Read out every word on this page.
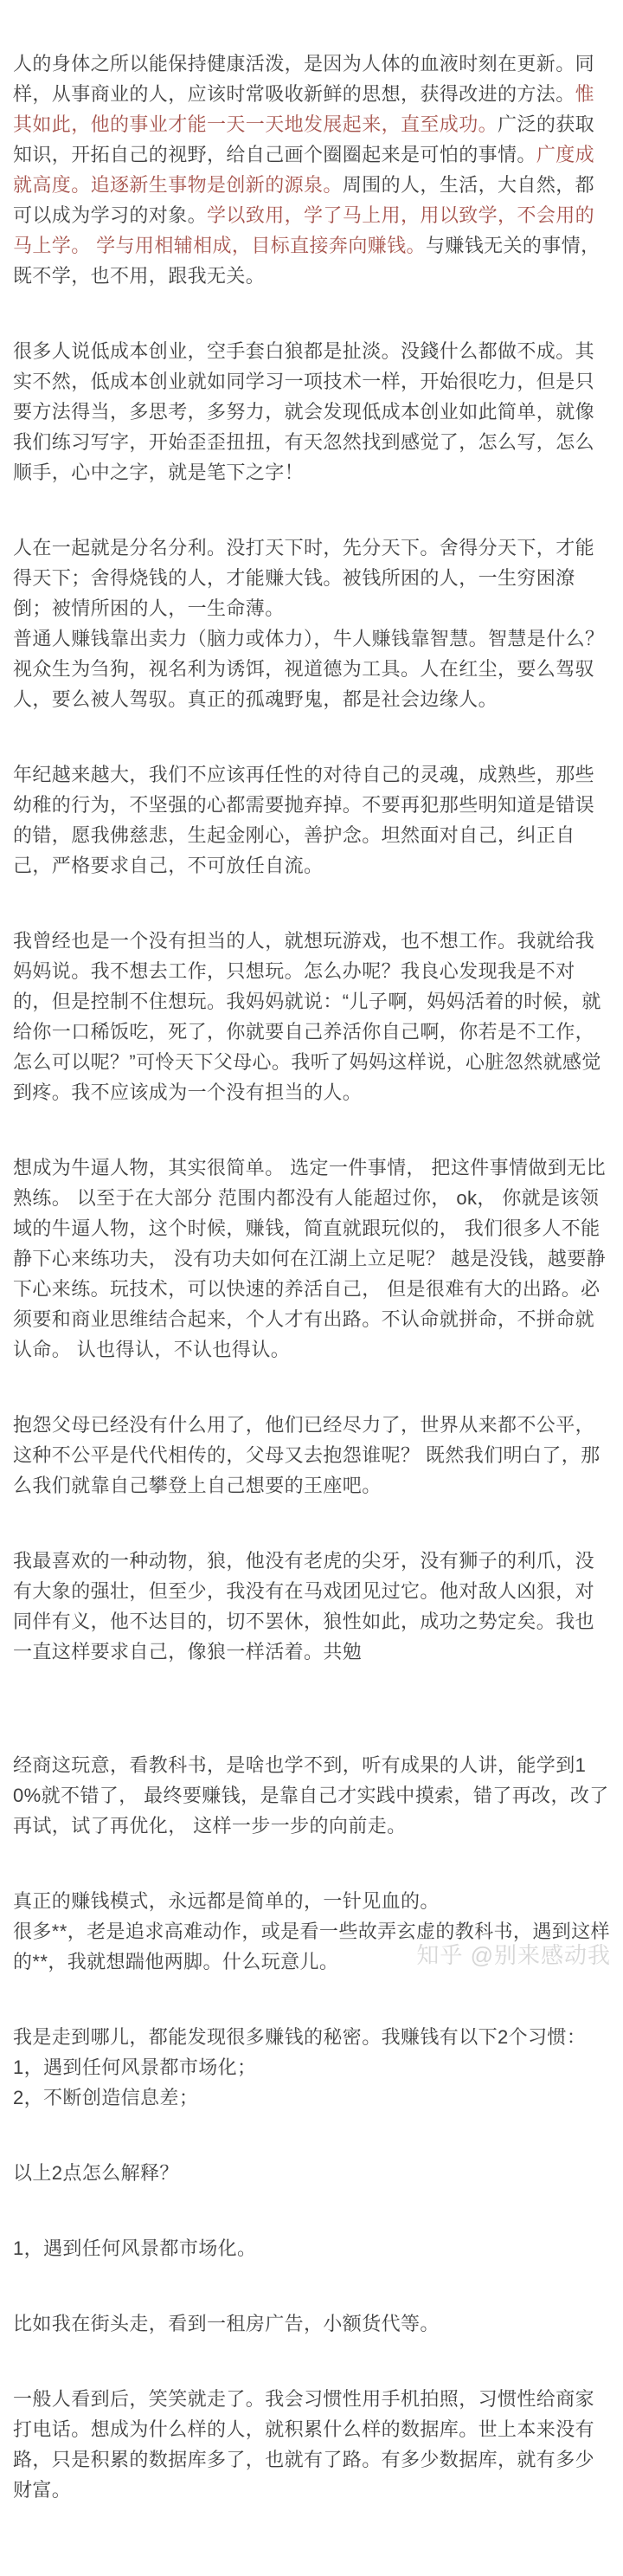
人的身体之所以能保持健康活泼，是因为人体的血液时刻在更新。同样，从事商业的人，应该时常吸收新鲜的思想，获得改进的方法。惟其如此，他的事业才能一天一天地发展起来，直至成功。广泛的获取知识，开拓自己的视野，给自己画个圈圈起来是可怕的事情。广度成就高度。追逐新生事物是创新的源泉。周围的人，生活，大自然，都可以成为学习的对象。学以致用，学了马上用，用以致学，不会用的马上学。 学与用相辅相成，目标直接奔向赚钱。与赚钱无关的事情， 既不学，也不用，跟我无关。

很多人说低成本创业，空手套白狼都是扯淡。没錢什么都做不成。其实不然，低成本创业就如同学习一项技术一样，开始很吃力，但是只要方法得当，多思考，多努力，就会发现低成本创业如此简单，就像我们练习写字，开始歪歪扭扭，有天忽然找到感觉了，怎么写，怎么顺手，心中之字，就是笔下之字！

人在一起就是分名分利。没打天下时，先分天下。舍得分天下，才能得天下；舍得烧钱的人，才能赚大钱。被钱所困的人，一生穷困潦倒；被情所困的人，一生命薄。
普通人赚钱靠出卖力（脑力或体力），牛人赚钱靠智慧。智慧是什么？视众生为刍狗，视名利为诱饵，视道德为工具。人在红尘，要么驾驭人，要么被人驾驭。真正的孤魂野鬼，都是社会边缘人。

年纪越来越大，我们不应该再任性的对待自己的灵魂，成熟些，那些幼稚的行为，不坚强的心都需要抛弃掉。不要再犯那些明知道是错误的错，愿我佛慈悲，生起金刚心，善护念。坦然面对自己，纠正自己，严格要求自己，不可放任自流。

我曾经也是一个没有担当的人，就想玩游戏，也不想工作。我就给我妈妈说。我不想去工作，只想玩。怎么办呢？我良心发现我是不对的，但是控制不住想玩。我妈妈就说：“儿子啊，妈妈活着的时候，就给你一口稀饭吃，死了，你就要自己养活你自己啊，你若是不工作，怎么可以呢？”可怜天下父母心。我听了妈妈这样说，心脏忽然就感觉到疼。我不应该成为一个没有担当的人。

想成为牛逼人物，其实很简单。 选定一件事情， 把这件事情做到无比熟练。 以至于在大部分 范围内都没有人能超过你， ok， 你就是该领域的牛逼人物，这个时候，赚钱，简直就跟玩似的， 我们很多人不能静下心来练功夫， 没有功夫如何在江湖上立足呢？ 越是没钱，越要静下心来练。玩技术，可以快速的养活自己， 但是很难有大的出路。必须要和商业思维结合起来，个人才有出路。不认命就拼命，不拼命就认命。 认也得认，不认也得认。

抱怨父母已经没有什么用了，他们已经尽力了，世界从来都不公平，这种不公平是代代相传的，父母又去抱怨谁呢？ 既然我们明白了，那么我们就靠自己攀登上自己想要的王座吧。

我最喜欢的一种动物，狼，他没有老虎的尖牙，没有狮子的利爪，没有大象的强壮，但至少，我没有在马戏团见过它。他对敌人凶狠，对同伴有义，他不达目的，切不罢休，狼性如此，成功之势定矣。我也一直这样要求自己，像狼一样活着。共勉

经商这玩意，看教科书，是啥也学不到，听有成果的人讲，能学到10%就不错了， 最终要赚钱，是靠自己才实践中摸索，错了再改，改了再试，试了再优化， 这样一步一步的向前走。

真正的赚钱模式，永远都是简单的，一针见血的。
很多**，老是追求高难动作，或是看一些故弄玄虚的教科书，遇到这样的**，我就想踹他两脚。什么玩意儿。

我是走到哪儿，都能发现很多赚钱的秘密。我赚钱有以下2个习惯：
1，遇到任何风景都市场化；
2，不断创造信息差；

以上2点怎么解释？

1，遇到任何风景都市场化。

比如我在街头走，看到一租房广告，小额货代等。

一般人看到后，笑笑就走了。我会习惯性用手机拍照，习惯性给商家打电话。想成为什么样的人，就积累什么样的数据库。世上本来没有路，只是积累的数据库多了，也就有了路。有多少数据库，就有多少财富。

知乎 @别来感动我
